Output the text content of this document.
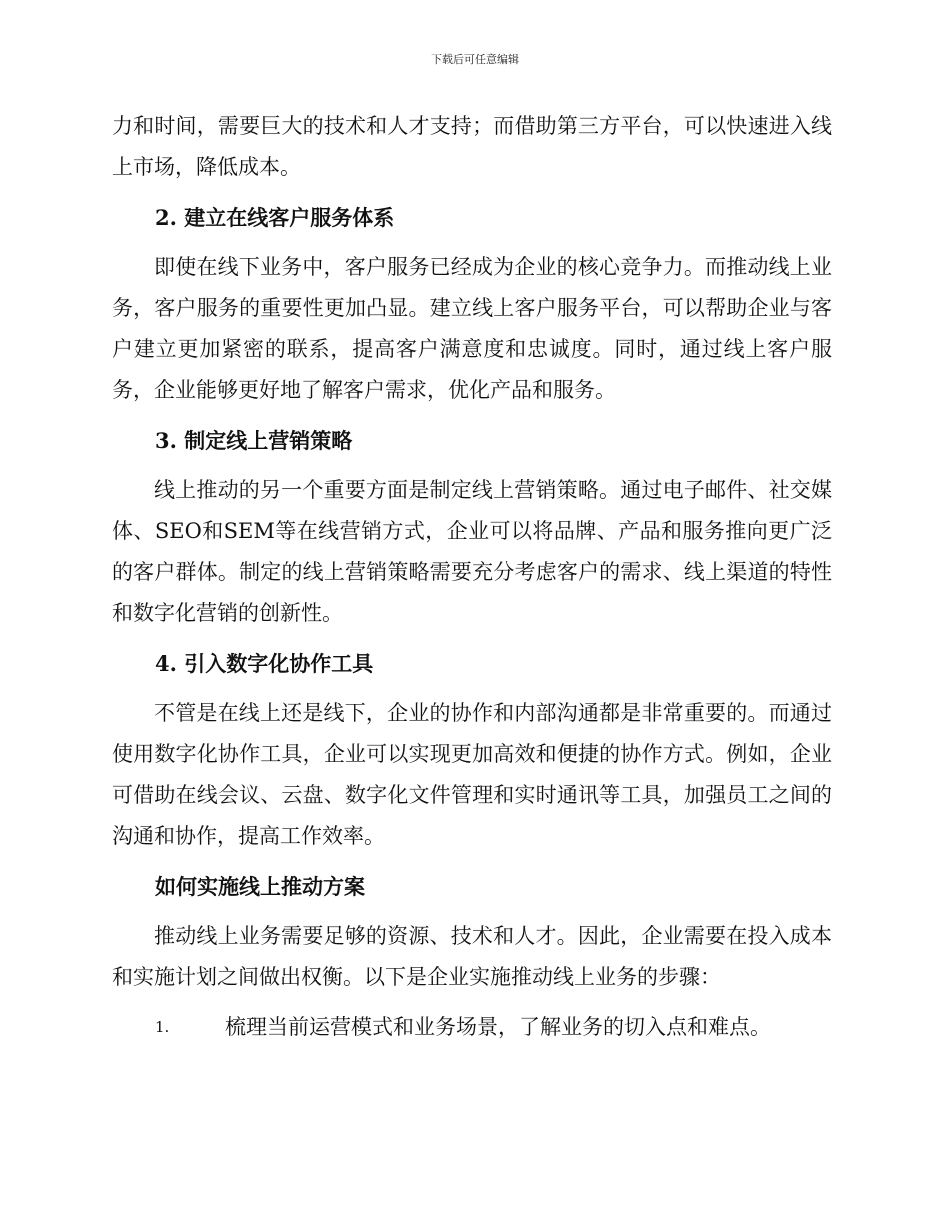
下载后可任意编辑

力和时间，需要巨大的技术和人才支持；而借助第三方平台，可以快速进入线上市场，降低成本。

2. 建立在线客户服务体系

即使在线下业务中，客户服务已经成为企业的核心竞争力。而推动线上业务，客户服务的重要性更加凸显。建立线上客户服务平台，可以帮助企业与客户建立更加紧密的联系，提高客户满意度和忠诚度。同时，通过线上客户服务，企业能够更好地了解客户需求，优化产品和服务。

3. 制定线上营销策略

线上推动的另一个重要方面是制定线上营销策略。通过电子邮件、社交媒体、SEO和SEM等在线营销方式，企业可以将品牌、产品和服务推向更广泛的客户群体。制定的线上营销策略需要充分考虑客户的需求、线上渠道的特性和数字化营销的创新性。

4. 引入数字化协作工具

不管是在线上还是线下，企业的协作和内部沟通都是非常重要的。而通过使用数字化协作工具，企业可以实现更加高效和便捷的协作方式。例如，企业可借助在线会议、云盘、数字化文件管理和实时通讯等工具，加强员工之间的沟通和协作，提高工作效率。

如何实施线上推动方案

推动线上业务需要足够的资源、技术和人才。因此，企业需要在投入成本和实施计划之间做出权衡。以下是企业实施推动线上业务的步骤：

1.	梳理当前运营模式和业务场景，了解业务的切入点和难点。
